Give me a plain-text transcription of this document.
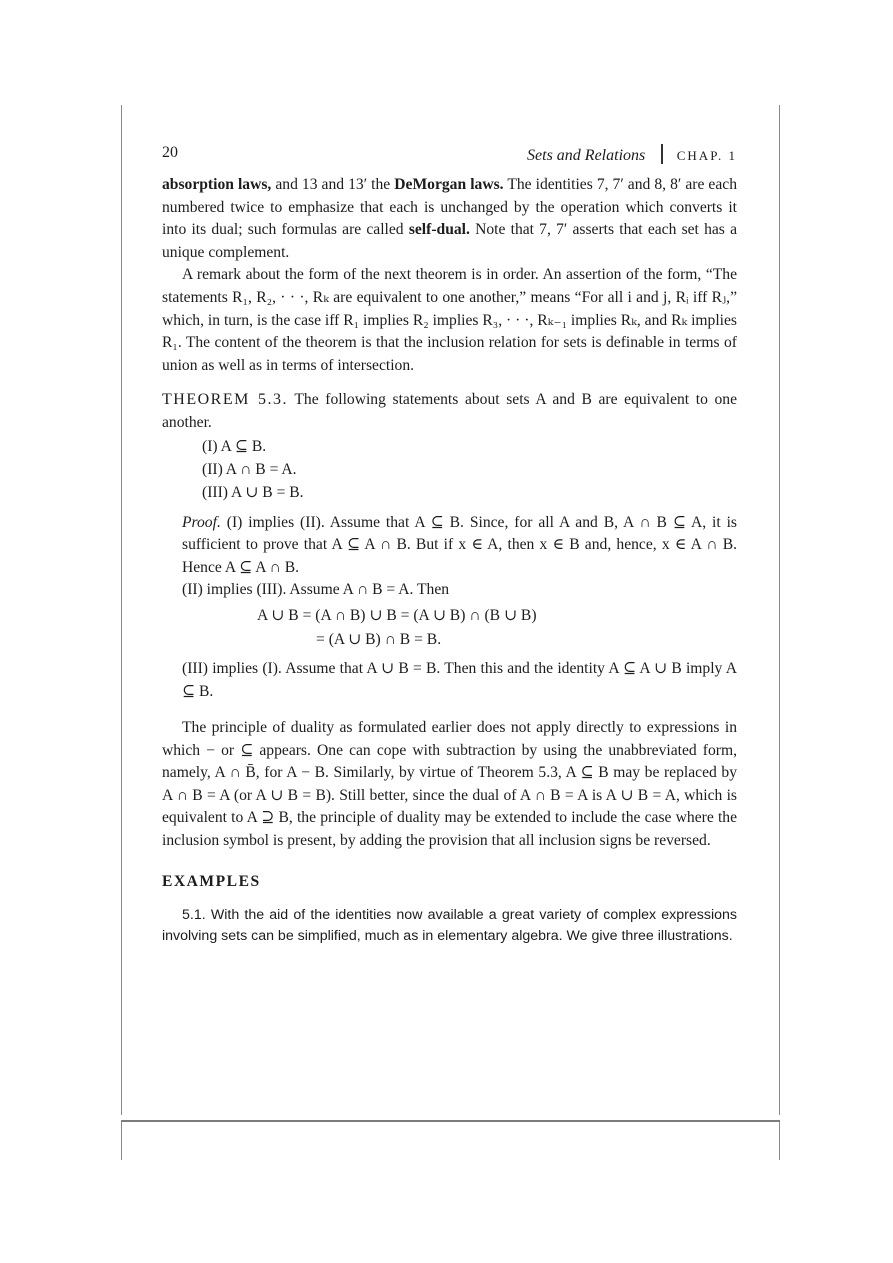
20	Sets and Relations CHAP. 1

absorption laws, and 13 and 13′ the DeMorgan laws. The identities 7, 7′ and 8, 8′ are each numbered twice to emphasize that each is unchanged by the operation which converts it into its dual; such formulas are called self-dual. Note that 7, 7′ asserts that each set has a unique complement.

A remark about the form of the next theorem is in order. An assertion of the form, “The statements R₁, R₂, · · ·, Rₖ are equivalent to one another,” means “For all i and j, Rᵢ iff Rⱼ,” which, in turn, is the case iff R₁ implies R₂ implies R₃, · · ·, Rₖ₋₁ implies Rₖ, and Rₖ implies R₁. The content of the theorem is that the inclusion relation for sets is definable in terms of union as well as in terms of intersection.

THEOREM 5.3. The following statements about sets A and B are equivalent to one another.

(I) A ⊆ B.
(II) A ∩ B = A.
(III) A ∪ B = B.

Proof. (I) implies (II). Assume that A ⊆ B. Since, for all A and B, A ∩ B ⊆ A, it is sufficient to prove that A ⊆ A ∩ B. But if x ∈ A, then x ∈ B and, hence, x ∈ A ∩ B. Hence A ⊆ A ∩ B.

(II) implies (III). Assume A ∩ B = A. Then

A ∪ B = (A ∩ B) ∪ B = (A ∪ B) ∩ (B ∪ B)
= (A ∪ B) ∩ B = B.

(III) implies (I). Assume that A ∪ B = B. Then this and the identity A ⊆ A ∪ B imply A ⊆ B.

The principle of duality as formulated earlier does not apply directly to expressions in which − or ⊆ appears. One can cope with subtraction by using the unabbreviated form, namely, A ∩ B̄, for A − B. Similarly, by virtue of Theorem 5.3, A ⊆ B may be replaced by A ∩ B = A (or A ∪ B = B). Still better, since the dual of A ∩ B = A is A ∪ B = A, which is equivalent to A ⊇ B, the principle of duality may be extended to include the case where the inclusion symbol is present, by adding the provision that all inclusion signs be reversed.

EXAMPLES

5.1. With the aid of the identities now available a great variety of complex expressions involving sets can be simplified, much as in elementary algebra. We give three illustrations.
